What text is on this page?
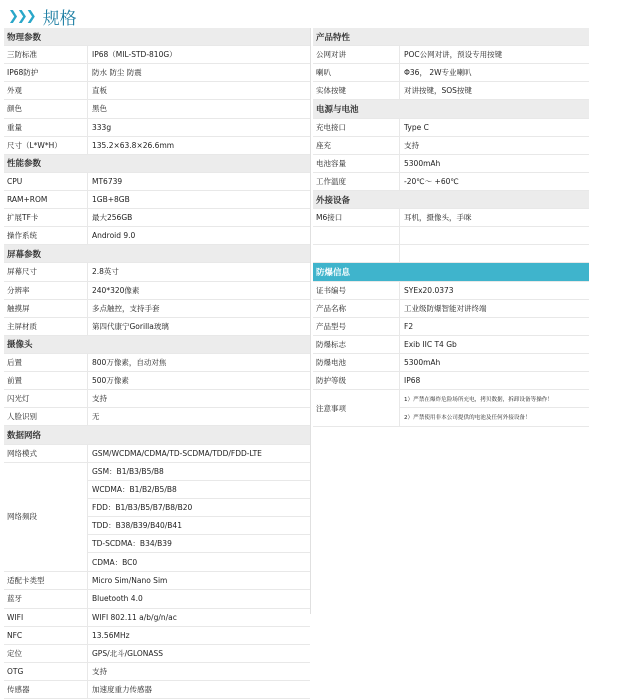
❯❯❯ 规格
物理参数
三防标准	IP68（MIL-STD-810G）
IP68防护	防水 防尘 防震
外观	直板
颜色	黑色
重量	333g
尺寸（L*W*H）	135.2×63.8×26.6mm
性能参数
CPU	MT6739
RAM+ROM	1GB+8GB
扩展TF卡	最大256GB
操作系统	Android 9.0
屏幕参数
屏幕尺寸	2.8英寸
分辨率	240*320像素
触摸屏	多点触控，支持手套
主屏材质	第四代康宁Gorilla玻璃
摄像头
后置	800万像素，自动对焦
前置	500万像素
闪光灯	支持
人脸识别	无
数据网络
网络模式	GSM/WCDMA/CDMA/TD-SCDMA/TDD/FDD-LTE
网络频段
GSM：B1/B3/B5/B8
WCDMA：B1/B2/B5/B8
FDD：B1/B3/B5/B7/B8/B20
TDD：B38/B39/B40/B41
TD-SCDMA：B34/B39
CDMA：BC0
适配卡类型	Micro Sim/Nano Sim
蓝牙	Bluetooth 4.0
WIFI	WIFI 802.11 a/b/g/n/ac
NFC	13.56MHz
定位	GPS/北斗/GLONASS
OTG	支持
传感器	加速度重力传感器
产品特性
公网对讲	POC公网对讲，预设专用按键
喇叭	Φ36， 2W专业喇叭
实体按键	对讲按键，SOS按键
电源与电池
充电接口	Type C
座充	支持
电池容量	5300mAh
工作温度	-20℃～ +60℃
外接设备
M6接口	耳机，摄像头，手咪
防爆信息
证书编号	SYEx20.0373
产品名称	工业级防爆智能对讲终端
产品型号	F2
防爆标志	Exib IIC T4 Gb
防爆电池	5300mAh
防护等级	IP68
注意事项
1）严禁在爆炸危险场所充电，拷贝数据，拆卸设备等操作！
2）严禁使用非本公司提供的电池及任何外接设备！
